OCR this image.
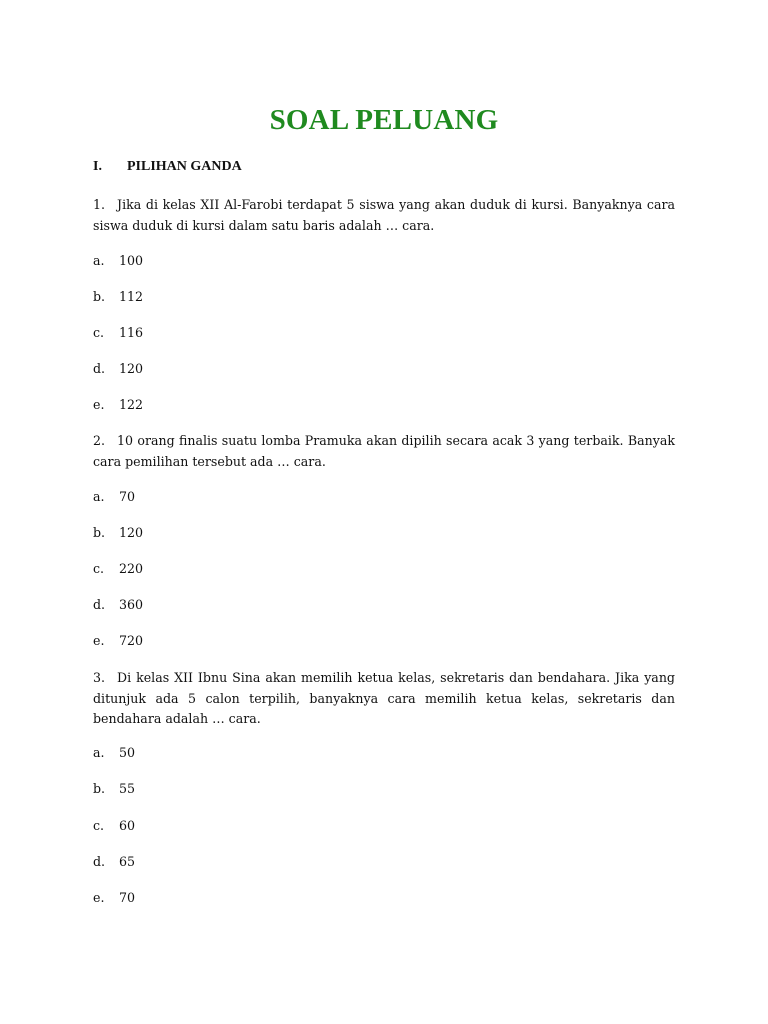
SOAL PELUANG
I. PILIHAN GANDA
1. Jika di kelas XII Al-Farobi terdapat 5 siswa yang akan duduk di kursi. Banyaknya cara siswa duduk di kursi dalam satu baris adalah … cara.
a. 100
b. 112
c. 116
d. 120
e. 122
2. 10 orang finalis suatu lomba Pramuka akan dipilih secara acak 3 yang terbaik. Banyak cara pemilihan tersebut ada … cara.
a. 70
b. 120
c. 220
d. 360
e. 720
3. Di kelas XII Ibnu Sina akan memilih ketua kelas, sekretaris dan bendahara. Jika yang ditunjuk ada 5 calon terpilih, banyaknya cara memilih ketua kelas, sekretaris dan bendahara adalah … cara.
a. 50
b. 55
c. 60
d. 65
e. 70
